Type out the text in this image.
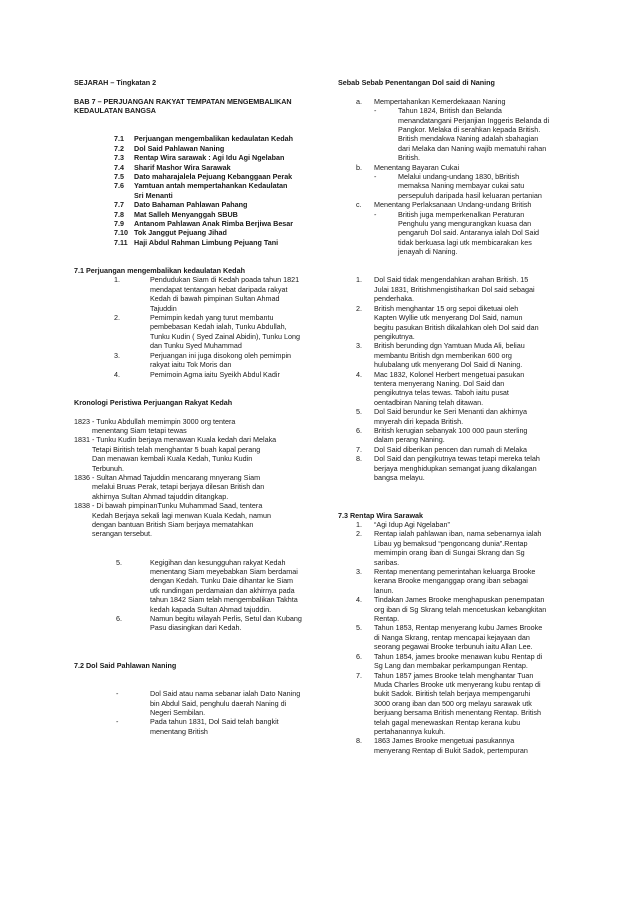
SEJARAH – Tingkatan 2
BAB 7 – PERJUANGAN RAKYAT TEMPATAN MENGEMBALIKAN
KEDAULATAN BANGSA
7.1	Perjuangan mengembalikan kedaulatan Kedah
7.2	Dol Said Pahlawan Naning
7.3	Rentap Wira sarawak : Agi Idu Agi Ngelaban
7.4	Sharif Mashor Wira Sarawak
7.5	Dato maharajalela Pejuang Kebanggaan Perak
7.6	Yamtuan antah mempertahankan Kedaulatan
Sri Menanti
7.7	Dato Bahaman Pahlawan Pahang
7.8	Mat Salleh Menyanggah SBUB
7.9	Antanom Pahlawan Anak Rimba Berjiwa Besar
7.10 Tok Janggut Pejuang Jihad
7.11 Haji Abdul Rahman Limbung Pejuang Tani
7.1 Perjuangan mengembalikan kedaulatan Kedah
1.	Pendudukan Siam di Kedah poada tahun 1821
mendapat tentangan hebat daripada rakyat
Kedah di bawah pimpinan Sultan Ahmad
Tajuddin
2.	Pemimpin kedah yang turut membantu
pembebasan Kedah ialah, Tunku Abdullah,
Tunku Kudin ( Syed Zainal Abidin), Tunku Long
dan Tunku Syed Muhammad
3.	Perjuangan ini juga disokong oleh pemimpin
rakyat iaitu Tok Moris dan
4.	Pemimoin Agma iaitu Syeikh Abdul Kadir
Kronologi Peristiwa Perjuangan Rakyat Kedah
1823 - Tunku Abdullah memimpin 3000 org tentera
menentang Siam tetapi tewas
1831 - Tunku Kudin berjaya menawan Kuala kedah dari Melaka
Tetapi Biritish telah menghantar 5 buah kapal perang
Dan menawan kembali Kuala Kedah, Tunku Kudin
Terbunuh.
1836 - Sultan Ahmad Tajuddin mencarang mnyerang Siam
melalui Bruas Perak, tetapi berjaya dilesan British dan
akhirnya Sultan Ahmad tajuddin ditangkap.
1838 - Di bawah pimpinanTunku Muhammad Saad, tentera
Kedah Berjaya sekali lagi menwan Kuala Kedah, namun
dengan bantuan British Siam berjaya mematahkan
serangan tersebut.
5.	Kegigihan dan kesungguhan rakyat Kedah
menentang Siam meyebabkan Siam berdamai
dengan Kedah. Tunku Daie dihantar ke Siam
utk rundingan perdamaian dan akhirnya pada
tahun 1842 Siam telah mengembalikan Takhta
kedah kapada Sultan Ahmad tajuddin.
6.	Namun begitu wilayah Perlis, Setul dan Kubang
Pasu diasingkan dari Kedah.
7.2 Dol Said Pahlawan Naning
-	Dol Said atau nama sebanar ialah Dato Naning
bin Abdul Said, penghulu daerah Naning di
Negeri Sembilan.
-	Pada tahun 1831, Dol Said telah bangkit
menentang British
Sebab Sebab Penentangan Dol said di Naning
a.	Mempertahankan Kemerdekaaan Naning
-	Tahun 1824, British dan Belanda
menandatangani Perjanjian Inggeris Belanda di
Pangkor. Melaka di serahkan kepada British.
British mendakwa Naning adalah sbahagian
dari Melaka dan Naning wajib mematuhi rahan
British.
b.	Menentang Bayaran Cukai
-	Melalui undang-undang 1830, bBritish
memaksa Naning membayar cukai satu
persepuluh daripada hasil keluaran pertanian
c.	Menentang Perlaksanaan Undang-undang British
-	British juga memperkenalkan Peraturan
Penghulu yang mengurangkan kuasa dan
pengaruh Dol said. Antaranya ialah Dol Said
tidak berkuasa lagi utk membicarakan kes
jenayah di Naning.
1.	Dol Said tidak mengendahkan arahan British. 15
Julai 1831, Britishmengistiharkan Dol said sebagai
penderhaka.
2.	British menghantar 15 org sepoi diketuai oleh
Kapten Wyllie utk menyerang Dol Said, namun
begitu pasukan British dikalahkan oleh Dol said dan
pengikutnya.
3.	British berunding dgn Yamtuan Muda Ali, beliau
membantu British dgn memberikan 600 org
hulubalang utk menyerang Dol Said di Naning.
4.	Mac 1832, Kolonel Herbert mengetuai pasukan
tentera menyerang Naning. Dol Said dan
pengikutnya telas tewas. Taboh iaitu pusat
oentadbiran Naning telah ditawan.
5.	Dol Said berundur ke Seri Menanti dan akhirnya
mnyerah diri kepada British.
6.	British kerugian sebanyak 100 000 paun sterling
dalam perang Naning.
7.	Dol Said diberikan pencen dan rumah di Melaka
8.	Dol Said dan pengikutnya tewas tetapi mereka telah
berjaya menghidupkan semangat juang dikalangan
bangsa melayu.
7.3 Rentap Wira Sarawak
1.	“Agi Idup Agi Ngelaban”
2.	Rentap ialah pahlawan iban, nama sebenarnya ialah
Libau yg bemaksud “pengoncang dunia”.Rentap
memimpin orang iban di Sungai Skrang dan Sg
saribas.
3.	Rentap menentang pemerintahan keluarga Brooke
kerana Brooke menganggap orang iban sebagai
lanun.
4.	Tindakan James Brooke menghapuskan penempatan
org iban di Sg Skrang telah mencetuskan kebangkitan
Rentap.
5.	Tahun 1853, Rentap menyerang kubu James Brooke
di Nanga Skrang, rentap mencapai kejayaan dan
seorang pegawai Brooke terbunuh iaitu Allan Lee.
6.	Tahun 1854, james brooke menawan kubu Rentap di
Sg Lang dan membakar perkampungan Rentap.
7.	Tahun 1857 james Brooke telah menghantar Tuan
Muda Charles Brooke utk menyerang kubu rentap di
bukit Sadok. Biritish telah berjaya mempengaruhi
3000 orang iban dan 500 org melayu sarawak utk
berjuang bersama British menentang Rentap. British
telah gagal menewaskan Rentap kerana kubu
pertahanannya kukuh.
8.	1863 James Brooke mengetuai pasukannya
menyerang Rentap di Bukit Sadok, pertempuran
